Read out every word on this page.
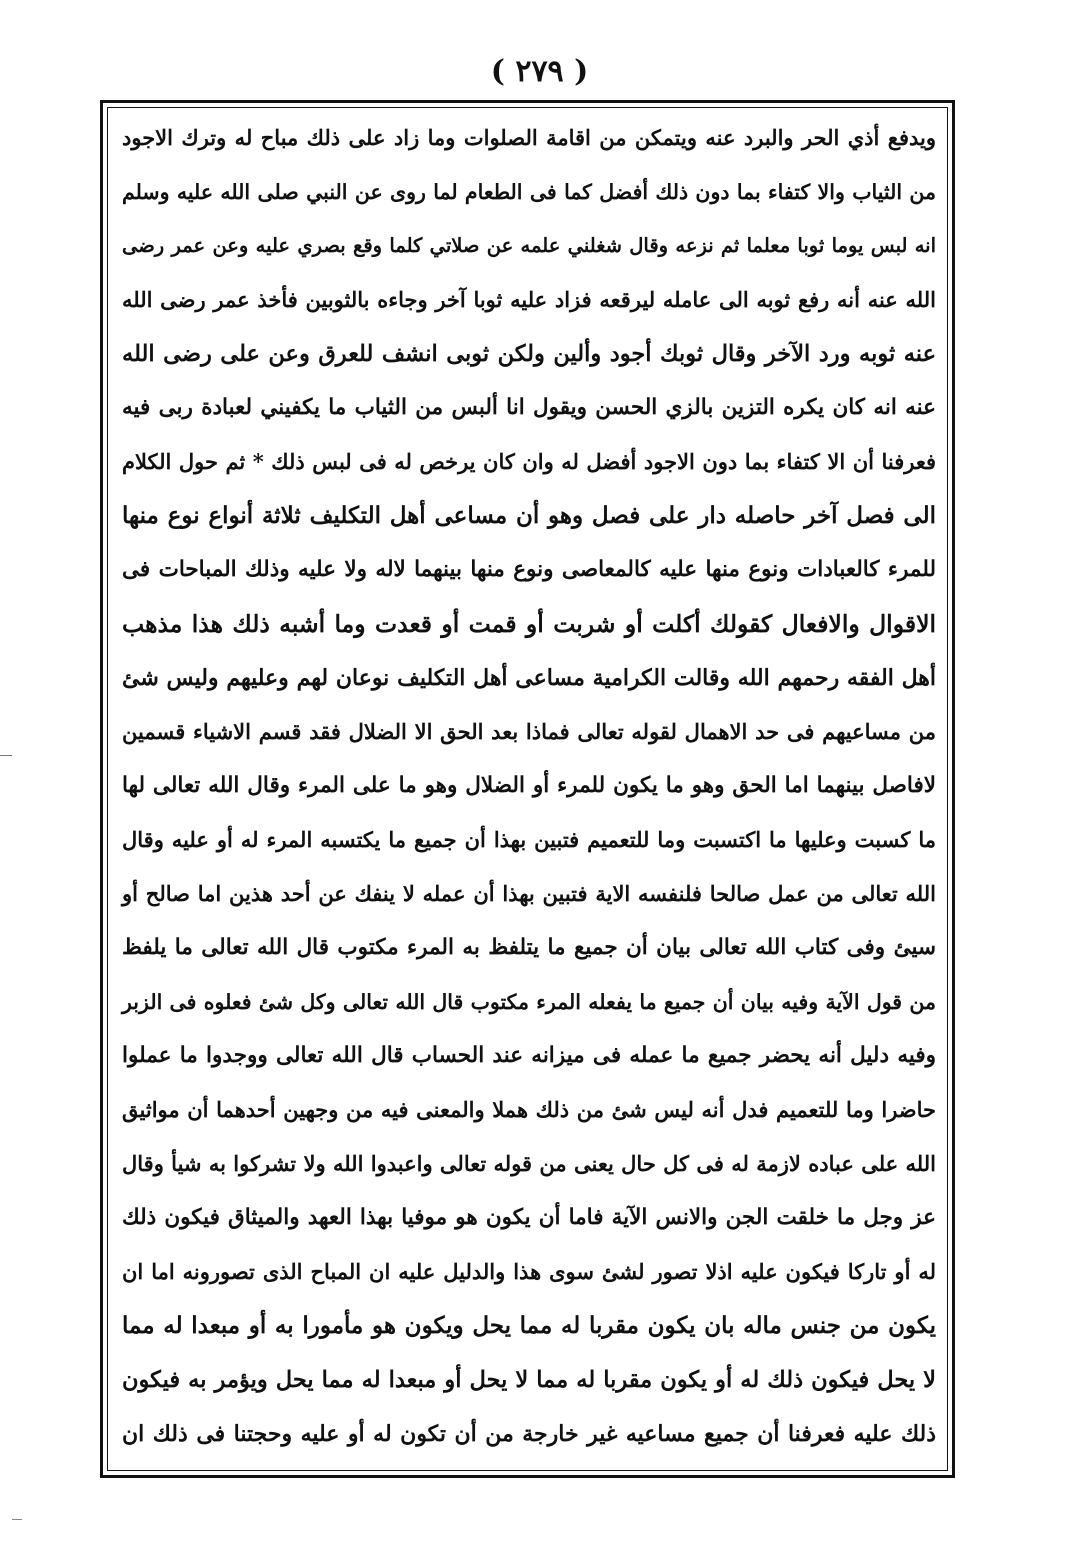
( ٢٧٩ )
ويدفع أذي الحر والبرد عنه ويتمكن من اقامة الصلوات وما زاد على ذلك مباح له وترك الاجود
من الثياب والا كتفاء بما دون ذلك أفضل كما فى الطعام لما روى عن النبي صلى الله عليه وسلم
انه لبس يوما ثوبا معلما ثم نزعه وقال شغلني علمه عن صلاتي كلما وقع بصري عليه وعن عمر رضى
الله عنه أنه رفع ثوبه الى عامله ليرقعه فزاد عليه ثوبا آخر وجاءه بالثوبين فأخذ عمر رضى الله
عنه ثوبه ورد الآخر وقال ثوبك أجود وألين ولكن ثوبى انشف للعرق وعن على رضى الله
عنه انه كان يكره التزين بالزي الحسن ويقول انا ألبس من الثياب ما يكفيني لعبادة ربى فيه
فعرفنا أن الا كتفاء بما دون الاجود أفضل له وان كان يرخص له فى لبس ذلك * ثم حول الكلام
الى فصل آخر حاصله دار على فصل وهو أن مساعى أهل التكليف ثلاثة أنواع نوع منها
للمرء كالعبادات ونوع منها عليه كالمعاصى ونوع منها بينهما لاله ولا عليه وذلك المباحات فى
الاقوال والافعال كقولك أكلت أو شربت أو قمت أو قعدت وما أشبه ذلك هذا مذهب
أهل الفقه رحمهم الله وقالت الكرامية مساعى أهل التكليف نوعان لهم وعليهم وليس شئ
من مساعيهم فى حد الاهمال لقوله تعالى فماذا بعد الحق الا الضلال فقد قسم الاشياء قسمين
لافاصل بينهما اما الحق وهو ما يكون للمرء أو الضلال وهو ما على المرء وقال الله تعالى لها
ما كسبت وعليها ما اكتسبت وما للتعميم فتبين بهذا أن جميع ما يكتسبه المرء له أو عليه وقال
الله تعالى من عمل صالحا فلنفسه الاية فتبين بهذا أن عمله لا ينفك عن أحد هذين اما صالح أو
سيئ وفى كتاب الله تعالى بيان أن جميع ما يتلفظ به المرء مكتوب قال الله تعالى ما يلفظ
من قول الآية وفيه بيان أن جميع ما يفعله المرء مكتوب قال الله تعالى وكل شئ فعلوه فى الزبر
وفيه دليل أنه يحضر جميع ما عمله فى ميزانه عند الحساب قال الله تعالى ووجدوا ما عملوا
حاضرا وما للتعميم فدل أنه ليس شئ من ذلك هملا والمعنى فيه من وجهين أحدهما أن مواثيق
الله على عباده لازمة له فى كل حال يعنى من قوله تعالى واعبدوا الله ولا تشركوا به شيأ وقال
عز وجل ما خلقت الجن والانس الآية فاما أن يكون هو موفيا بهذا العهد والميثاق فيكون ذلك
له أو تاركا فيكون عليه اذلا تصور لشئ سوى هذا والدليل عليه ان المباح الذى تصورونه اما ان
يكون من جنس ماله بان يكون مقربا له مما يحل ويكون هو مأمورا به أو مبعدا له مما
لا يحل فيكون ذلك له أو يكون مقربا له مما لا يحل أو مبعدا له مما يحل ويؤمر به فيكون
ذلك عليه فعرفنا أن جميع مساعيه غير خارجة من أن تكون له أو عليه وحجتنا فى ذلك ان
